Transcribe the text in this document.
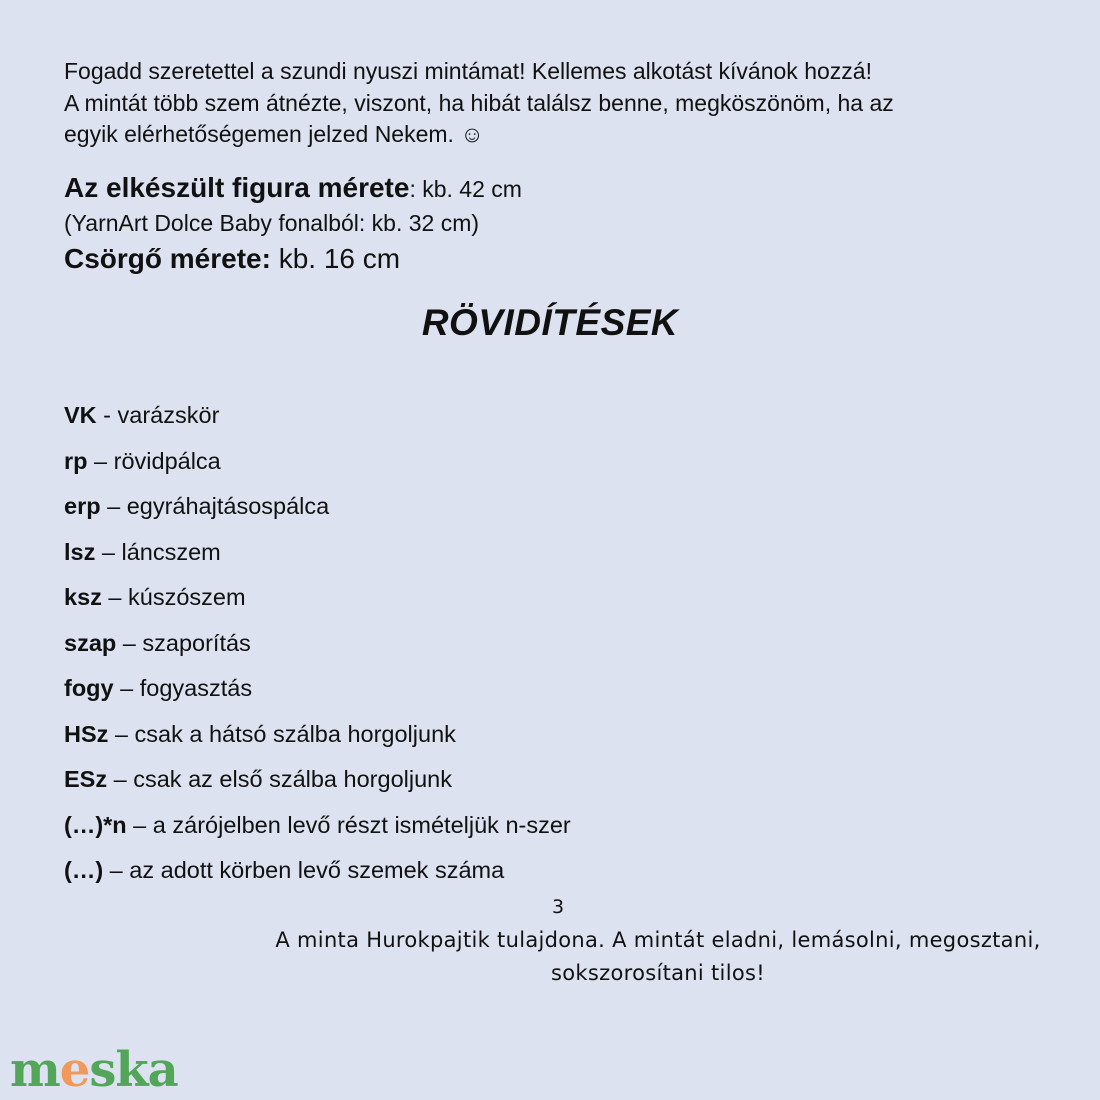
Fogadd szeretettel a szundi nyuszi mintámat! Kellemes alkotást kívánok hozzá!

A mintát több szem átnézte, viszont, ha hibát találsz benne, megköszönöm, ha az

egyik elérhetőségemen jelzed Nekem. ☺

Az elkészült figura mérete: kb. 42 cm
(YarnArt Dolce Baby fonalból: kb. 32 cm)
Csörgő mérete: kb. 16 cm
RÖVIDÍTÉSEK
VK - varázskör
rp – rövidpálca
erp – egyráhajtásospálca
lsz – láncszem
ksz – kúszószem
szap – szaporítás
fogy – fogyasztás
HSz – csak a hátsó szálba horgoljunk
ESz – csak az első szálba horgoljunk
(…)*n – a zárójelben levő részt ismételjük n-szer
(…) – az adott körben levő szemek száma
3
A minta Hurokpajtik tulajdona. A mintát eladni, lemásolni, megosztani,
sokszorosítani tilos!
meska
